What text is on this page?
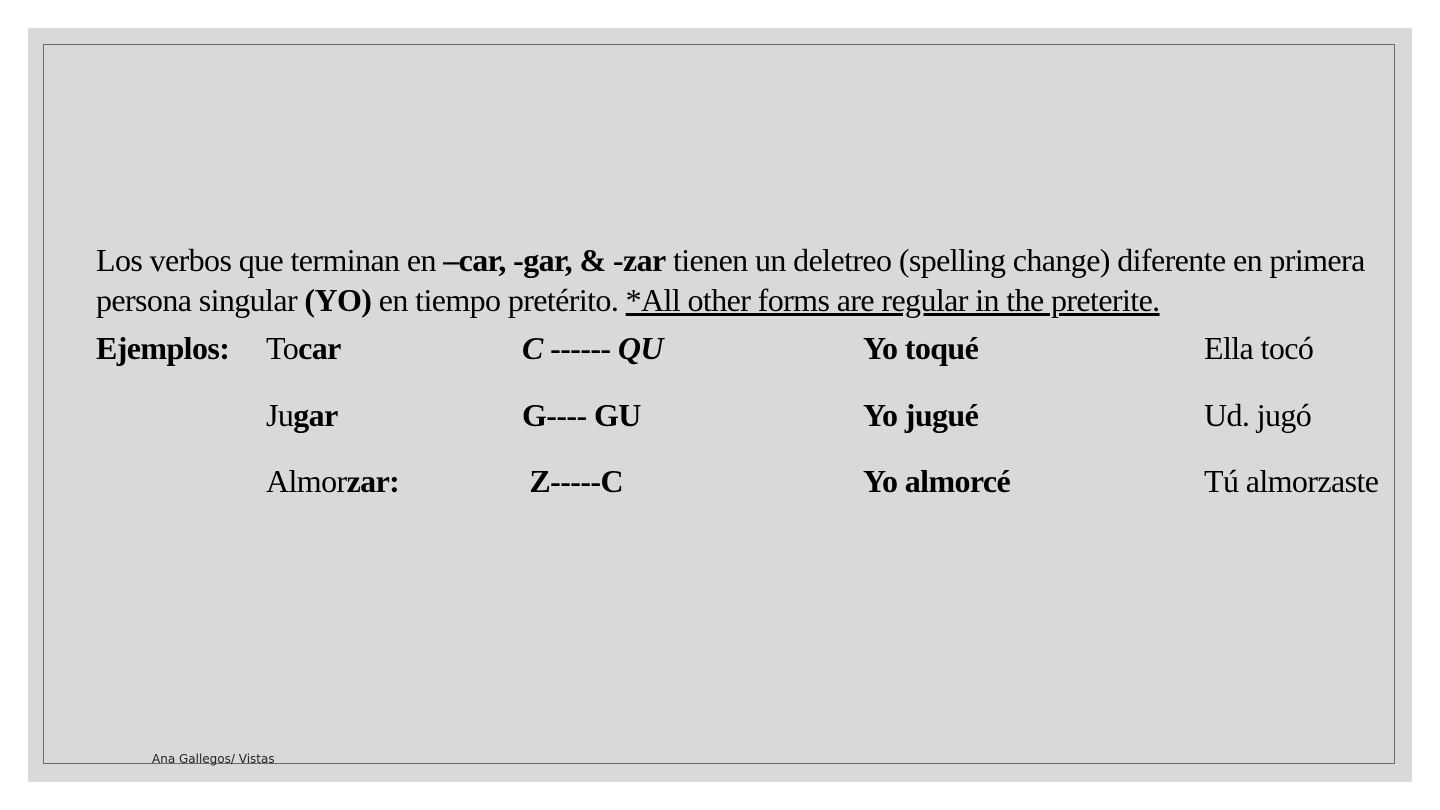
Los verbos que terminan en –car, -gar, & -zar tienen un deletreo (spelling change) diferente en primera persona singular (YO) en tiempo pretérito. *All other forms are regular in the preterite.
Ejemplos: Tocar	C ------ QU	Yo toqué	Ella tocó
Jugar	G---- GU	Yo jugué	Ud. jugó
Almorzar:	Z-----C	Yo almorcé	Tú almorzaste
Ana Gallegos/ Vistas
